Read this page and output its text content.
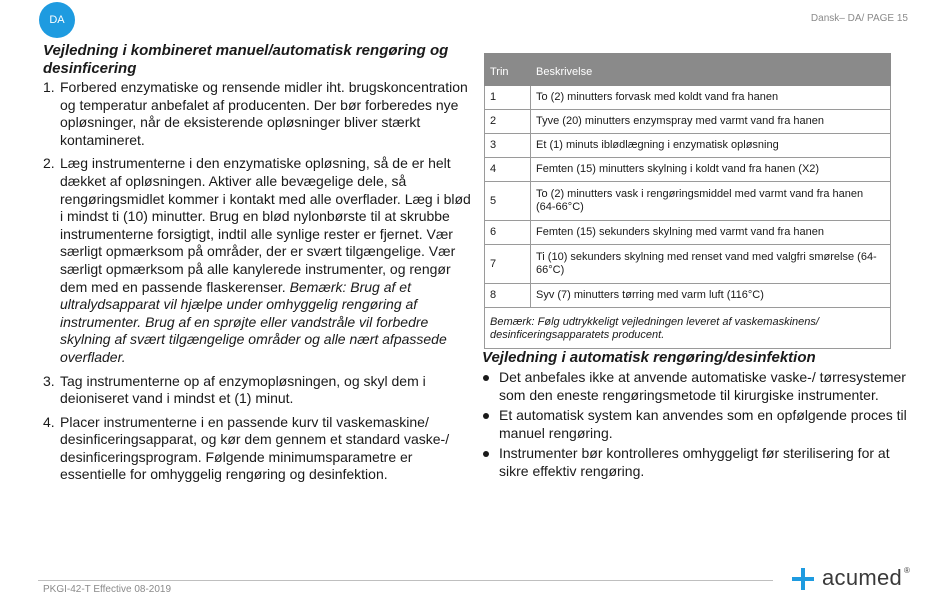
DA	Dansk– DA/ PAGE 15
Vejledning i kombineret manuel/automatisk rengøring og desinficering
1. Forbered enzymatiske og rensende midler iht. brugskoncentration og temperatur anbefalet af producenten. Der bør forberedes nye opløsninger, når de eksisterende opløsninger bliver stærkt kontamineret.
2. Læg instrumenterne i den enzymatiske opløsning, så de er helt dækket af opløsningen. Aktiver alle bevægelige dele, så rengøringsmidlet kommer i kontakt med alle overflader. Læg i blød i mindst ti (10) minutter. Brug en blød nylonbørste til at skrubbe instrumenterne forsigtigt, indtil alle synlige rester er fjernet. Vær særligt opmærksom på områder, der er svært tilgængelige. Vær særligt opmærksom på alle kanylerede instrumenter, og rengør dem med en passende flaskerenser. Bemærk: Brug af et ultralydsapparat vil hjælpe under omhyggelig rengøring af instrumenter. Brug af en sprøjte eller vandstråle vil forbedre skylning af svært tilgængelige områder og alle nært afpassede overflader.
3. Tag instrumenterne op af enzymopløsningen, og skyl dem i deioniseret vand i mindst et (1) minut.
4. Placer instrumenterne i en passende kurv til vaskemaskine/ desinficeringsapparat, og kør dem gennem et standard vaske-/ desinficeringsprogram. Følgende minimumsparametre er essentielle for omhyggelig rengøring og desinfektion.
Trin	Beskrivelse
1	To (2) minutters forvask med koldt vand fra hanen
2	Tyve (20) minutters enzymspray med varmt vand fra hanen
3	Et (1) minuts iblødlægning i enzymatisk opløsning
4	Femten (15) minutters skylning i koldt vand fra hanen (X2)
5	To (2) minutters vask i rengøringsmiddel med varmt vand fra hanen (64-66°C)
6	Femten (15) sekunders skylning med varmt vand fra hanen
7	Ti (10) sekunders skylning med renset vand med valgfri smørelse (64-66°C)
8	Syv (7) minutters tørring med varm luft (116°C)
Bemærk: Følg udtrykkeligt vejledningen leveret af vaskemaskinens/ desinficeringsapparatets producent.	
Vejledning i automatisk rengøring/desinfektion
Det anbefales ikke at anvende automatiske vaske-/ tørresystemer som den eneste rengøringsmetode til kirurgiske instrumenter.
Et automatisk system kan anvendes som en opfølgende proces til manuel rengøring.
Instrumenter bør kontrolleres omhyggeligt før sterilisering for at sikre effektiv rengøring.
PKGI-42-T Effective 08-2019	acumed ®
